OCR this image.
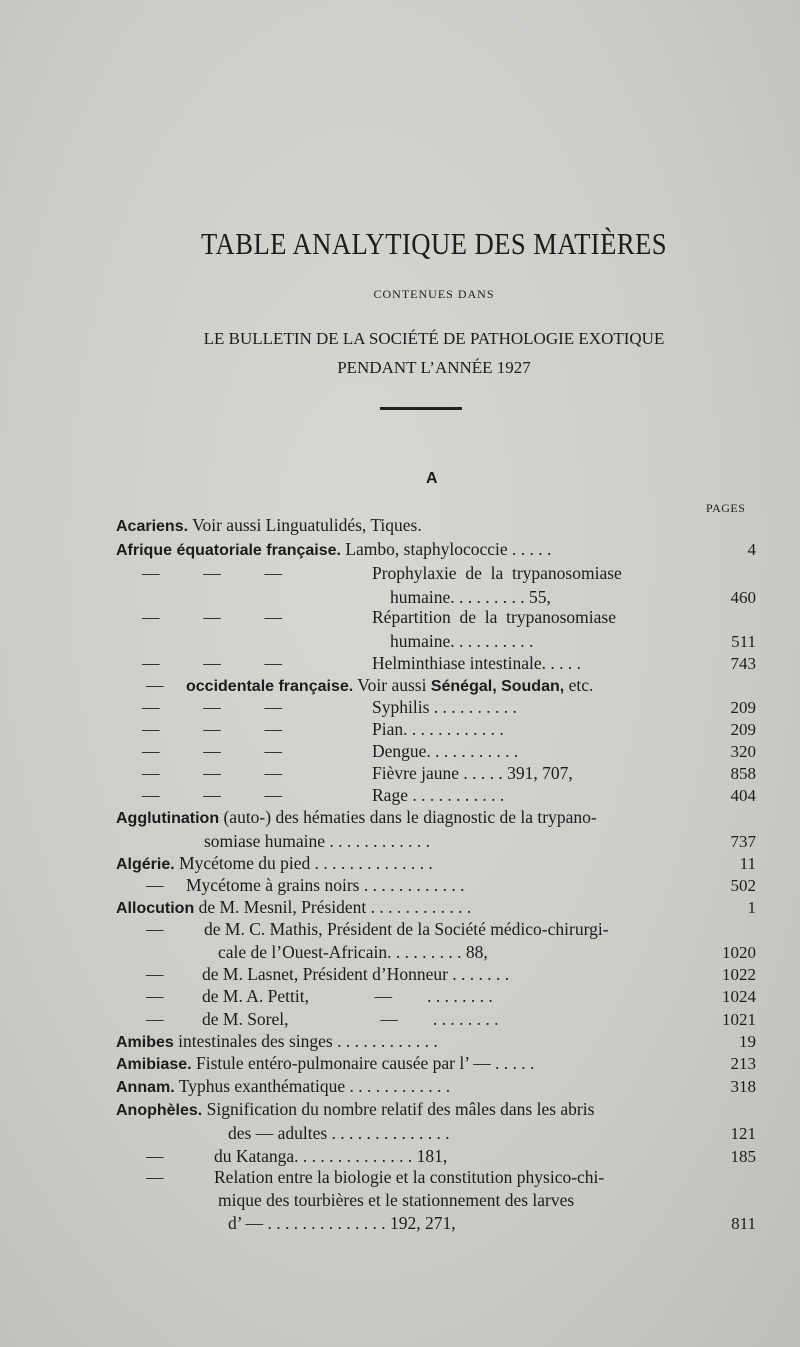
TABLE ANALYTIQUE DES MATIÈRES
CONTENUES DANS
LE BULLETIN DE LA SOCIÉTÉ DE PATHOLOGIE EXOTIQUE
PENDANT L’ANNÉE 1927
A
PAGES
Acariens. Voir aussi Linguatulidés, Tiques.
Afrique équatoriale française. Lambo, staphylococcie . . . . .	4
—          —          —	Prophylaxie  de  la  trypanosomiase
humaine. . . . . . . . . 55,	460
—          —          —	Répartition  de  la  trypanosomiase
humaine. . . . . . . . . .	511
—          —          —	Helminthiase intestinale. . . . .	743
— occidentale française. Voir aussi Sénégal, Soudan, etc.
—          —          —	Syphilis . . . . . . . . . .	209
—          —          —	Pian. . . . . . . . . . . .	209
—          —          —	Dengue. . . . . . . . . . .	320
—          —          —	Fièvre jaune . . . . . 391, 707,	858
—          —          —	Rage . . . . . . . . . . .	404
Agglutination (auto-) des hématies dans le diagnostic de la trypano-
somiase humaine . . . . . . . . . . . .	737
Algérie. Mycétome du pied . . . . . . . . . . . . . .	11
— Mycétome à grains noirs . . . . . . . . . . . .	502
Allocution de M. Mesnil, Président . . . . . . . . . . . .	1
— de M. C. Mathis, Président de la Société médico-chirurgi-
cale de l’Ouest-Africain. . . . . . . . . 88,	1020
— de M. Lasnet, Président d’Honneur . . . . . . .	1022
— de M. A. Pettit,               —        . . . . . . . .	1024
— de M. Sorel,                     —        . . . . . . . .	1021
Amibes intestinales des singes . . . . . . . . . . . .	19
Amibiase. Fistule entéro-pulmonaire causée par l’ — . . . . .	213
Annam. Typhus exanthématique . . . . . . . . . . . .	318
Anophèles. Signification du nombre relatif des mâles dans les abris
des — adultes . . . . . . . . . . . . . .	121
—	du Katanga. . . . . . . . . . . . . . 181,	185
—	Relation entre la biologie et la constitution physico-chi-
mique des tourbières et le stationnement des larves
d’ — . . . . . . . . . . . . . . 192, 271,	811
